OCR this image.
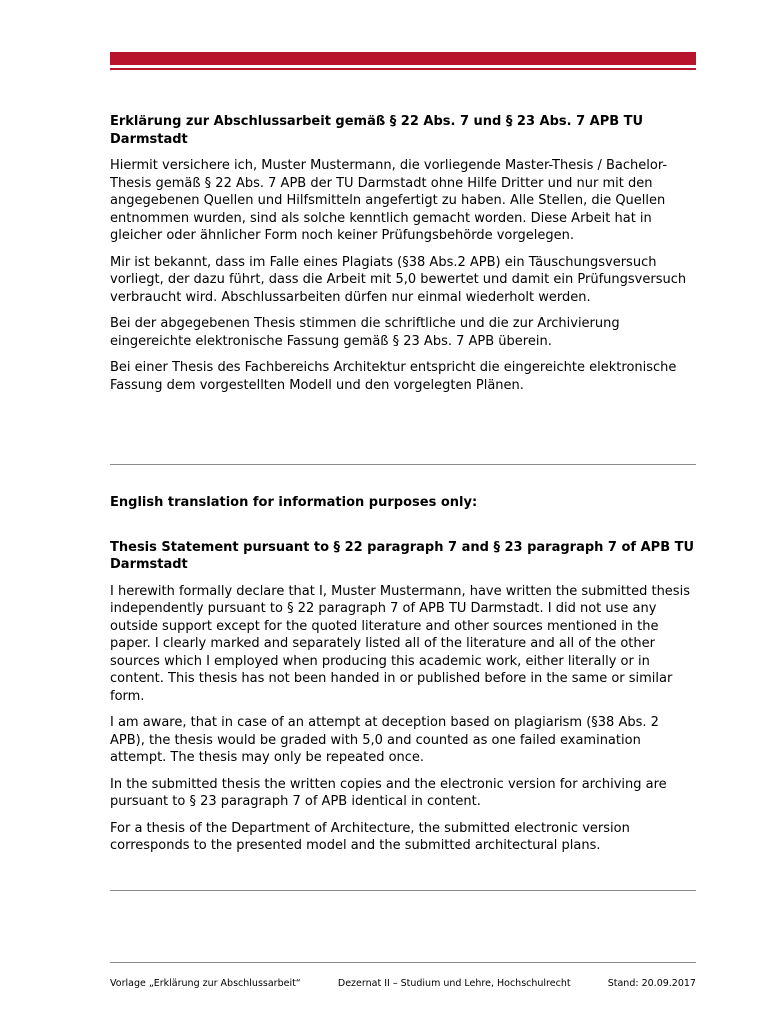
Erklärung zur Abschlussarbeit gemäß § 22 Abs. 7 und § 23 Abs. 7 APB TU Darmstadt

Hiermit versichere ich, Muster Mustermann, die vorliegende Master-Thesis / Bachelor-Thesis gemäß § 22 Abs. 7 APB der TU Darmstadt ohne Hilfe Dritter und nur mit den angegebenen Quellen und Hilfsmitteln angefertigt zu haben. Alle Stellen, die Quellen entnommen wurden, sind als solche kenntlich gemacht worden. Diese Arbeit hat in gleicher oder ähnlicher Form noch keiner Prüfungsbehörde vorgelegen.

Mir ist bekannt, dass im Falle eines Plagiats (§38 Abs.2 APB) ein Täuschungsversuch vorliegt, der dazu führt, dass die Arbeit mit 5,0 bewertet und damit ein Prüfungsversuch verbraucht wird. Abschlussarbeiten dürfen nur einmal wiederholt werden.

Bei der abgegebenen Thesis stimmen die schriftliche und die zur Archivierung eingereichte elektronische Fassung gemäß § 23 Abs. 7 APB überein.

Bei einer Thesis des Fachbereichs Architektur entspricht die eingereichte elektronische Fassung dem vorgestellten Modell und den vorgelegten Plänen.

English translation for information purposes only:

Thesis Statement pursuant to § 22 paragraph 7 and § 23 paragraph 7 of APB TU Darmstadt

I herewith formally declare that I, Muster Mustermann, have written the submitted thesis independently pursuant to § 22 paragraph 7 of APB TU Darmstadt. I did not use any outside support except for the quoted literature and other sources mentioned in the paper. I clearly marked and separately listed all of the literature and all of the other sources which I employed when producing this academic work, either literally or in content. This thesis has not been handed in or published before in the same or similar form.

I am aware, that in case of an attempt at deception based on plagiarism (§38 Abs. 2 APB), the thesis would be graded with 5,0 and counted as one failed examination attempt. The thesis may only be repeated once.

In the submitted thesis the written copies and the electronic version for archiving are pursuant to § 23 paragraph 7 of APB identical in content.

For a thesis of the Department of Architecture, the submitted electronic version corresponds to the presented model and the submitted architectural plans.

Vorlage „Erklärung zur Abschlussarbeit“	Dezernat II – Studium und Lehre, Hochschulrecht	Stand: 20.09.2017
